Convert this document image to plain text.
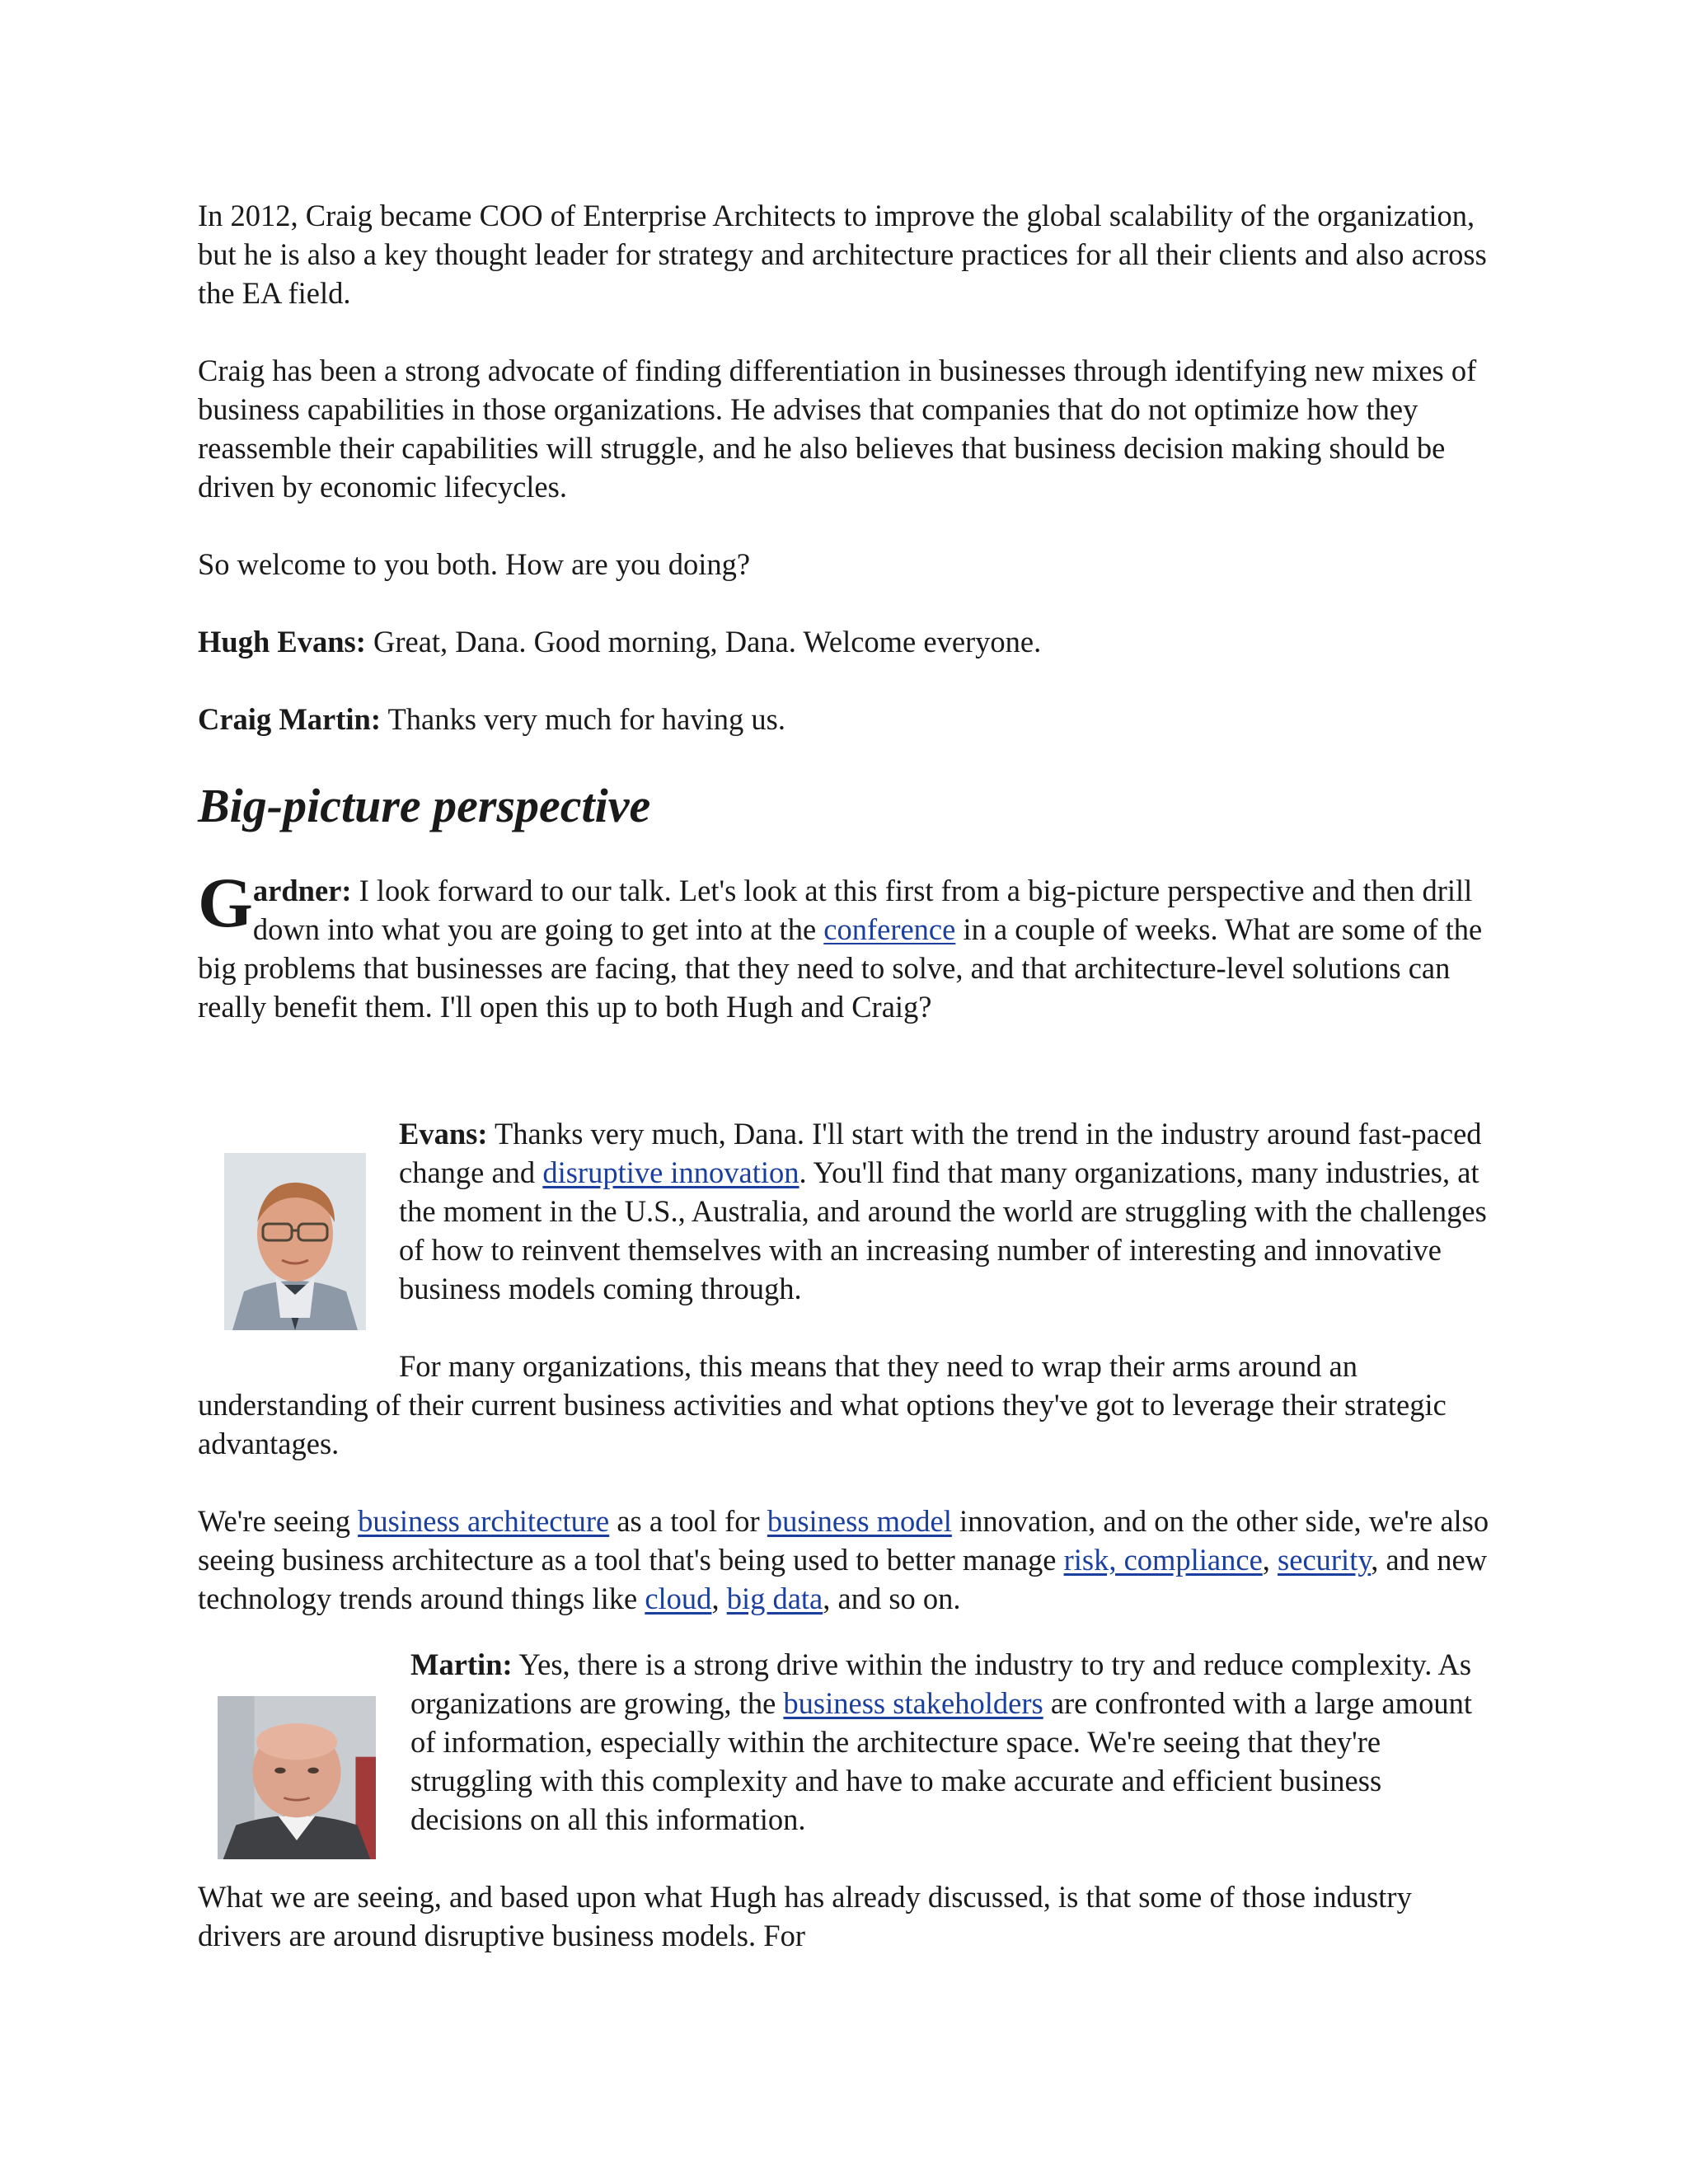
In 2012, Craig became COO of Enterprise Architects to improve the global scalability of the organization, but he is also a key thought leader for strategy and architecture practices for all their clients and also across the EA field.

Craig has been a strong advocate of finding differentiation in businesses through identifying new mixes of business capabilities in those organizations. He advises that companies that do not optimize how they reassemble their capabilities will struggle, and he also believes that business decision making should be driven by economic lifecycles.

So welcome to you both. How are you doing?

Hugh Evans: Great, Dana. Good morning, Dana. Welcome everyone.

Craig Martin: Thanks very much for having us.

Big-picture perspective

Gardner: I look forward to our talk. Let's look at this first from a big-picture perspective and then drill down into what you are going to get into at the conference in a couple of weeks. What are some of the big problems that businesses are facing, that they need to solve, and that architecture-level solutions can really benefit them. I'll open this up to both Hugh and Craig?

Evans: Thanks very much, Dana. I'll start with the trend in the industry around fast-paced change and disruptive innovation. You'll find that many organizations, many industries, at the moment in the U.S., Australia, and around the world are struggling with the challenges of how to reinvent themselves with an increasing number of interesting and innovative business models coming through.
For many organizations, this means that they need to wrap their arms around an understanding of their current business activities and what options they've got to leverage their strategic advantages.
We're seeing business architecture as a tool for business model innovation, and on the other side, we're also seeing business architecture as a tool that's being used to better manage risk, compliance, security, and new technology trends around things like cloud, big data, and so on.
Martin: Yes, there is a strong drive within the industry to try and reduce complexity. As organizations are growing, the business stakeholders are confronted with a large amount of information, especially within the architecture space. We're seeing that they're struggling with this complexity and have to make accurate and efficient business decisions on all this information.
What we are seeing, and based upon what Hugh has already discussed, is that some of those industry drivers are around disruptive business models. For
